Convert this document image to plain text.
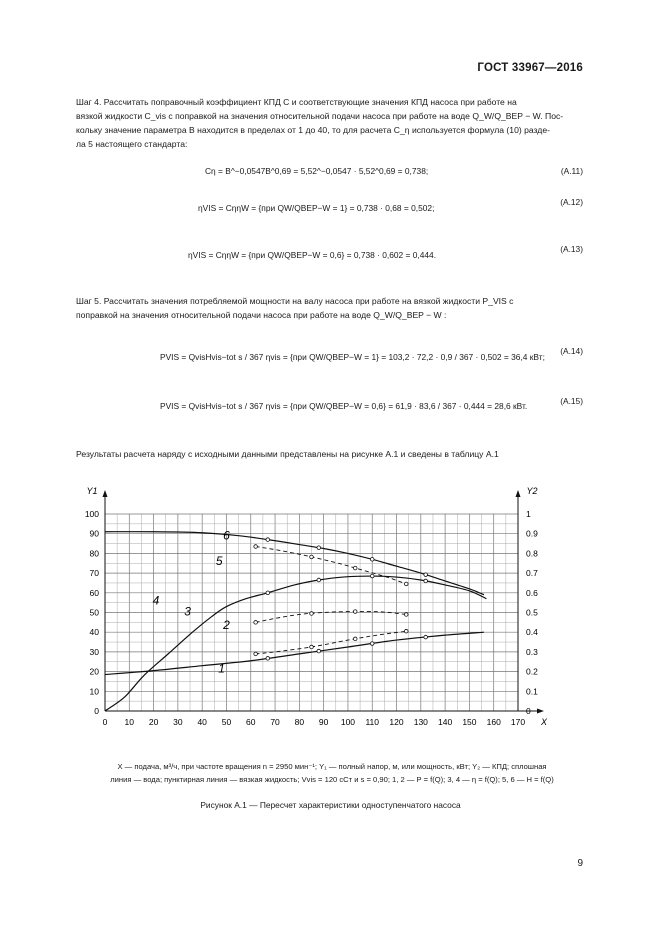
ГОСТ 33967—2016
Шаг 4. Рассчитать поправочный коэффициент КПД C и соответствующие значения КПД насоса при работе на
вязкой жидкости C_vis с поправкой на значения относительной подачи насоса при работе на воде Q_W/Q_BEP − W. Пос-
кольку значение параметра B находится в пределах от 1 до 40, то для расчета C_η используется формула (10) разде-
ла 5 настоящего стандарта:
Cη = B^−0,0547B^0,69 = 5,52^−0,0547 · 5,52^0,69 = 0,738;	(А.11)
ηVIS = CηηW = {при QW/QBEP−W = 1} = 0,738 · 0,68 = 0,502;
(А.12)
ηVIS = CηηW = {при QW/QBEP−W = 0,6} = 0,738 · 0,602 = 0,444.
(А.13)
Шаг 5. Рассчитать значения потребляемой мощности на валу насоса при работе на вязкой жидкости P_VIS с
поправкой на значения относительной подачи насоса при работе на воде Q_W/Q_BEP − W :
PVIS = QvisHvis−tot s / 367 ηvis = {при QW/QBEP−W = 1} = 103,2 · 72,2 · 0,9 / 367 · 0,502 = 36,4 кВт;
(А.14)
PVIS = QvisHvis−tot s / 367 ηvis = {при QW/QBEP−W = 0,6} = 61,9 · 83,6 / 367 · 0,444 = 28,6 кВт.	(А.15)
Результаты расчета наряду с исходными данными представлены на рисунке А.1 и сведены в таблицу А.1
X
Y1	Y2
0 10 20 30 40 50 60 70 80 90 100 110 120 130 140 150 160 170
0
10
20
30
40
50
60
70
80
90
100
0
0.1
0.2
0.3
0.4
0.5
0.6
0.7
0.8
0.9
1
1
2
3
4
5
6
X — подача, м³/ч, при частоте вращения n = 2950 мин⁻¹; Y₁ — полный напор, м, или мощность, кВт; Y₂ — КПД; сплошная
линия — вода; пунктирная линия — вязкая жидкость; Vvis = 120 сСт и s = 0,90; 1, 2 — P = f(Q); 3, 4 — η = f(Q); 5, 6 — H = f(Q)
Рисунок А.1 — Пересчет характеристики одноступенчатого насоса
9
